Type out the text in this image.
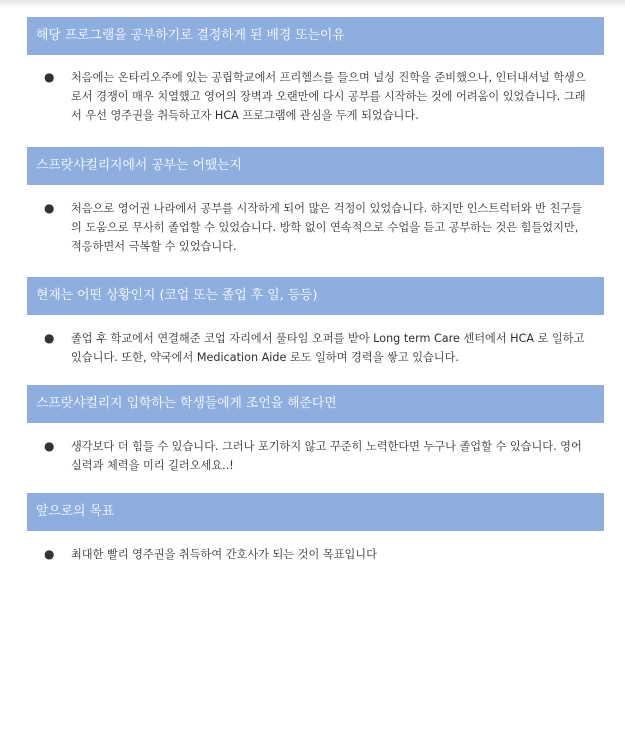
해당 프로그램을 공부하기로 결정하게 된 배경 또는이유
● 처음에는 온타리오주에 있는 공립학교에서 프리헬스를 들으며 널싱 진학을 준비했으나, 인터내셔널 학생으로서 경쟁이 매우 치열했고 영어의 장벽과 오랜만에 다시 공부를 시작하는 것에 어려움이 있었습니다. 그래서 우선 영주권을 취득하고자 HCA 프로그램에 관심을 두게 되었습니다.

스프랏샤컬리지에서 공부는 어땠는지
● 처음으로 영어권 나라에서 공부를 시작하게 되어 많은 걱정이 있었습니다. 하지만 인스트럭터와 반 친구들의 도움으로 무사히 졸업할 수 있었습니다. 방학 없이 연속적으로 수업을 듣고 공부하는 것은 힘들었지만, 적응하면서 극복할 수 있었습니다.

현재는 어떤 상황인지 (코업 또는 졸업 후 일, 등등)
● 졸업 후 학교에서 연결해준 코업 자리에서 풀타임 오퍼를 받아 Long term Care 센터에서 HCA 로 일하고 있습니다. 또한, 약국에서 Medication Aide 로도 일하며 경력을 쌓고 있습니다.

스프랏샤컬리지 입학하는 학생들에게 조언을 해준다면
● 생각보다 더 힘들 수 있습니다. 그러나 포기하지 않고 꾸준히 노력한다면 누구나 졸업할 수 있습니다. 영어실력과 체력을 미리 길러오세요..!

앞으로의 목표
● 최대한 빨리 영주권을 취득하여 간호사가 되는 것이 목표입니다
